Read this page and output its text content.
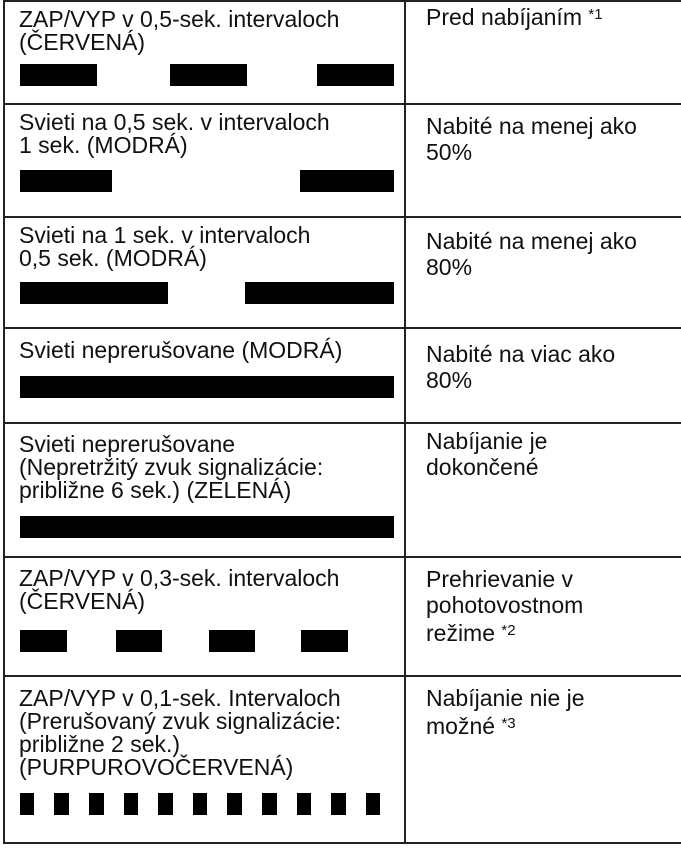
ZAP/VYP v 0,5-sek. intervaloch
(ČERVENÁ)	Pred nabíjaním $^{*1}$

Svieti na 0,5 sek. v intervaloch
1 sek. (MODRÁ)	Nabité na menej ako
50%

Svieti na 1 sek. v intervaloch
0,5 sek. (MODRÁ)	Nabité na menej ako
80%

Svieti neprerušovane (MODRÁ)	Nabité na viac ako
80%

Svieti neprerušovane
(Nepretržitý zvuk signalizácie:
približne 6 sek.) (ZELENÁ)	Nabíjanie je
dokončené

ZAP/VYP v 0,3-sek. intervaloch
(ČERVENÁ)	Prehrievanie v
pohotovostnom
režime $^{*2}$

ZAP/VYP v 0,1-sek. Intervaloch
(Prerušovaný zvuk signalizácie:
približne 2 sek.)
(PURPUROVOČERVENÁ)	Nabíjanie nie je
možné $^{*3}$
